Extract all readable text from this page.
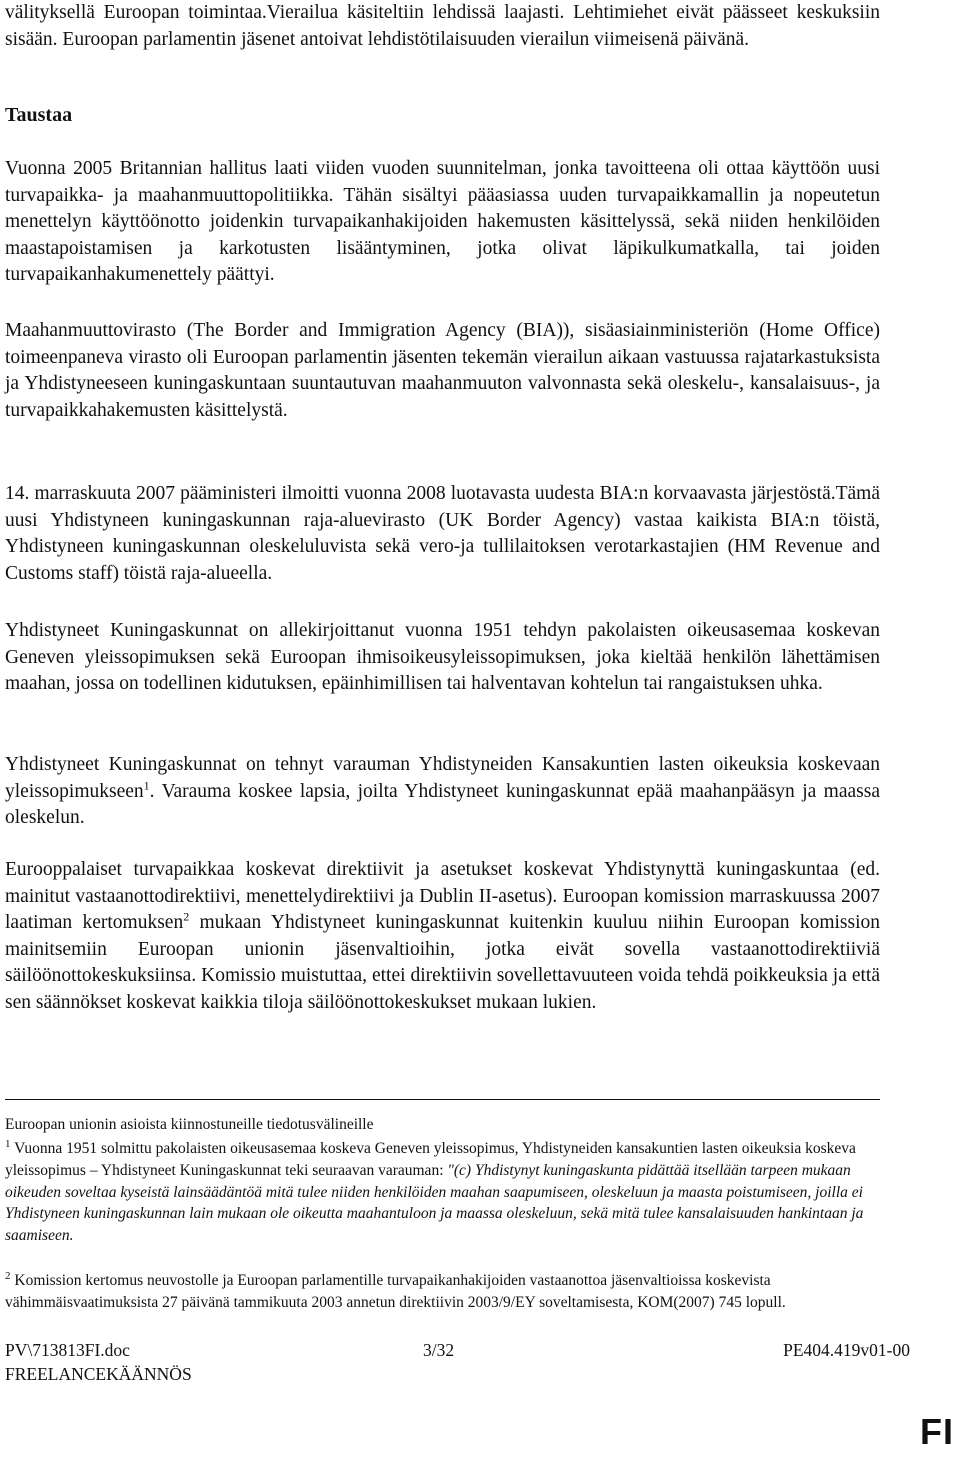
välityksellä Euroopan toimintaa.Vierailua käsiteltiin lehdissä laajasti. Lehtimiehet eivät päässeet keskuksiin sisään. Euroopan parlamentin jäsenet antoivat lehdistötilaisuuden vierailun viimeisenä päivänä.

Taustaa

Vuonna 2005 Britannian hallitus laati viiden vuoden suunnitelman, jonka tavoitteena oli ottaa käyttöön uusi turvapaikka- ja maahanmuuttopolitiikka. Tähän sisältyi pääasiassa uuden turvapaikkamallin ja nopeutetun menettelyn käyttöönotto joidenkin turvapaikanhakijoiden hakemusten käsittelyssä, sekä niiden henkilöiden maastapoistamisen ja karkotusten lisääntyminen, jotka olivat läpikulkumatkalla, tai joiden turvapaikanhakumenettely päättyi.

Maahanmuuttovirasto (The Border and Immigration Agency (BIA)), sisäasiainministeriön (Home Office) toimeenpaneva virasto oli Euroopan parlamentin jäsenten tekemän vierailun aikaan vastuussa rajatarkastuksista ja Yhdistyneeseen kuningaskuntaan suuntautuvan maahanmuuton valvonnasta sekä oleskelu-, kansalaisuus-, ja turvapaikkahakemusten käsittelystä.

14. marraskuuta 2007 pääministeri ilmoitti vuonna 2008 luotavasta uudesta BIA:n korvaavasta järjestöstä.Tämä uusi Yhdistyneen kuningaskunnan raja-aluevirasto (UK Border Agency) vastaa kaikista BIA:n töistä, Yhdistyneen kuningaskunnan oleskeluluvista sekä vero-ja tullilaitoksen verotarkastajien (HM Revenue and Customs staff) töistä raja-alueella.

Yhdistyneet Kuningaskunnat on allekirjoittanut vuonna 1951 tehdyn pakolaisten oikeusasemaa koskevan Geneven yleissopimuksen sekä Euroopan ihmisoikeusyleissopimuksen, joka kieltää henkilön lähettämisen maahan, jossa on todellinen kidutuksen, epäinhimillisen tai halventavan kohtelun tai rangaistuksen uhka.

Yhdistyneet Kuningaskunnat on tehnyt varauman Yhdistyneiden Kansakuntien lasten oikeuksia koskevaan yleissopimukseen$^1$. Varauma koskee lapsia, joilta Yhdistyneet kuningaskunnat epää maahanpääsyn ja maassa oleskelun.

Eurooppalaiset turvapaikkaa koskevat direktiivit ja asetukset koskevat Yhdistynyttä kuningaskuntaa (ed. mainitut vastaanottodirektiivi, menettelydirektiivi ja Dublin II-asetus). Euroopan komission marraskuussa 2007 laatiman kertomuksen$^2$ mukaan Yhdistyneet kuningaskunnat kuitenkin kuuluu niihin Euroopan komission mainitsemiin Euroopan unionin jäsenvaltioihin, jotka eivät sovella vastaanottodirektiiviä säilöönottokeskuksiinsa. Komissio muistuttaa, ettei direktiivin sovellettavuuteen voida tehdä poikkeuksia ja että sen säännökset koskevat kaikkia tiloja säilöönottokeskukset mukaan lukien.

Euroopan unionin asioista kiinnostuneille tiedotusvälineille

$^1$ Vuonna 1951 solmittu pakolaisten oikeusasemaa koskeva Geneven yleissopimus, Yhdistyneiden kansakuntien lasten oikeuksia koskeva yleissopimus – Yhdistyneet Kuningaskunnat teki seuraavan varauman: "(c) Yhdistynyt kuningaskunta pidättää itsellään tarpeen mukaan oikeuden soveltaa kyseistä lainsäädäntöä mitä tulee niiden henkilöiden maahan saapumiseen, oleskeluun ja maasta poistumiseen, joilla ei Yhdistyneen kuningaskunnan lain mukaan ole oikeutta maahantuloon ja maassa oleskeluun, sekä mitä tulee kansalaisuuden hankintaan ja saamiseen.

$^2$ Komission kertomus neuvostolle ja Euroopan parlamentille turvapaikanhakijoiden vastaanottoa jäsenvaltioissa koskevista vähimmäisvaatimuksista 27 päivänä tammikuuta 2003 annetun direktiivin 2003/9/EY soveltamisesta, KOM(2007) 745 lopull.

PV\713813FI.doc	3/32	PE404.419v01-00
FREELANCEKÄÄNNÖS
FI
